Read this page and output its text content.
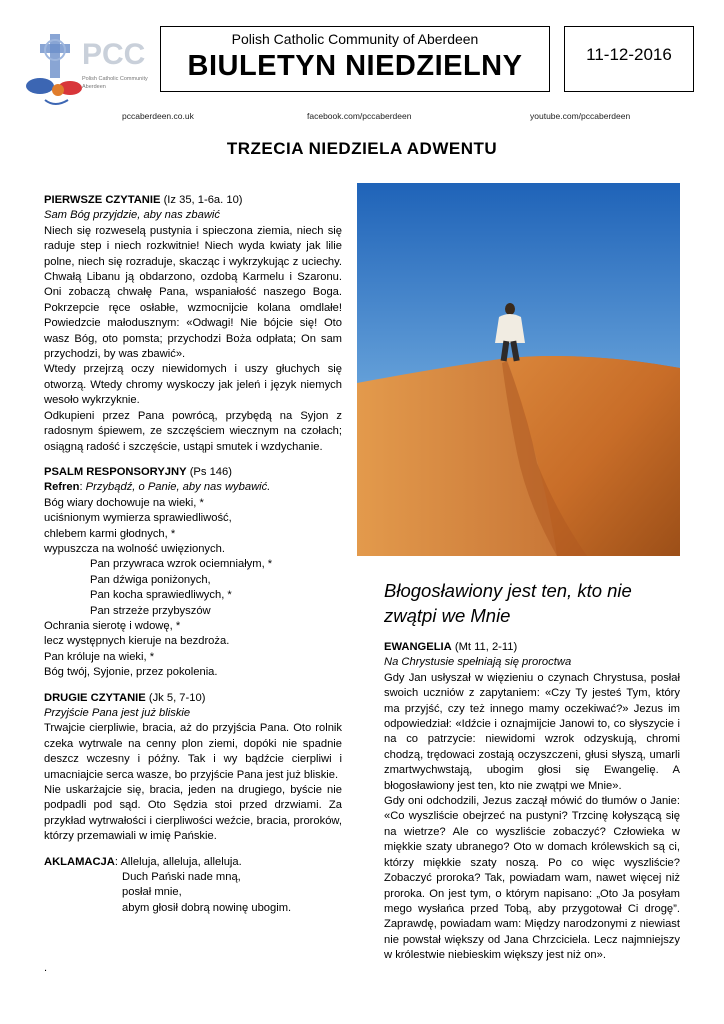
PCC
Polish Catholic Community
Aberdeen
Polish Catholic Community of Aberdeen
BIULETYN NIEDZIELNY	11-12-2016
pccaberdeen.co.uk	facebook.com/pccaberdeen	youtube.com/pccaberdeen
TRZECIA NIEDZIELA ADWENTU

PIERWSZE CZYTANIE (Iz 35, 1-6a. 10)

Sam Bóg przyjdzie, aby nas zbawić

Niech się rozweselą pustynia i spieczona ziemia, niech się raduje step i niech rozkwitnie! Niech wyda kwiaty jak lilie polne, niech się rozraduje, skacząc i wykrzykując z uciechy. Chwałą Libanu ją obdarzono, ozdobą Karmelu i Szaronu. Oni zobaczą chwałę Pana, wspaniałość naszego Boga. Pokrzepcie ręce osłabłe, wzmocnijcie kolana omdlałe! Powiedzcie małodusznym: «Odwagi! Nie bójcie się! Oto wasz Bóg, oto pomsta; przychodzi Boża odpłata; On sam przychodzi, by was zbawić».

Wtedy przejrzą oczy niewidomych i uszy głuchych się otworzą. Wtedy chromy wyskoczy jak jeleń i język niemych wesoło wykrzyknie.

Odkupieni przez Pana powrócą, przybędą na Syjon z radosnym śpiewem, ze szczęściem wiecznym na czołach; osiągną radość i szczęście, ustąpi smutek i wzdychanie.

PSALM RESPONSORYJNY (Ps 146)

Refren: Przybądź, o Panie, aby nas wybawić.

Bóg wiary dochowuje na wieki, *

uciśnionym wymierza sprawiedliwość,

chlebem karmi głodnych, *

wypuszcza na wolność uwięzionych.

Pan przywraca wzrok ociemniałym, *

Pan dźwiga poniżonych,

Pan kocha sprawiedliwych, *

Pan strzeże przybyszów

Ochrania sierotę i wdowę, *

lecz występnych kieruje na bezdroża.

Pan króluje na wieki, *

Bóg twój, Syjonie, przez pokolenia.

DRUGIE CZYTANIE (Jk 5, 7-10)

Przyjście Pana jest już bliskie

Trwajcie cierpliwie, bracia, aż do przyjścia Pana. Oto rolnik czeka wytrwale na cenny plon ziemi, dopóki nie spadnie deszcz wczesny i późny. Tak i wy bądźcie cierpliwi i umacniajcie serca wasze, bo przyjście Pana jest już bliskie.

Nie uskarżajcie się, bracia, jeden na drugiego, byście nie podpadli pod sąd. Oto Sędzia stoi przed drzwiami. Za przykład wytrwałości i cierpliwości weźcie, bracia, proroków, którzy przemawiali w imię Pańskie.

AKLAMACJA: Alleluja, alleluja, alleluja.

Duch Pański nade mną,

posłał mnie,

abym głosił dobrą nowinę ubogim.

.
Błogosławiony jest ten, kto nie zwątpi we Mnie

EWANGELIA (Mt 11, 2-11)

Na Chrystusie spełniają się proroctwa

Gdy Jan usłyszał w więzieniu o czynach Chrystusa, posłał swoich uczniów z zapytaniem: «Czy Ty jesteś Tym, który ma przyjść, czy też innego mamy oczekiwać?» Jezus im odpowiedział: «Idźcie i oznajmijcie Janowi to, co słyszycie i na co patrzycie: niewidomi wzrok odzyskują, chromi chodzą, trędowaci zostają oczyszczeni, głusi słyszą, umarli zmartwychwstają, ubogim głosi się Ewangelię. A błogosławiony jest ten, kto nie zwątpi we Mnie».

Gdy oni odchodzili, Jezus zaczął mówić do tłumów o Janie: «Co wyszliście obejrzeć na pustyni? Trzcinę kołyszącą się na wietrze? Ale co wyszliście zobaczyć? Człowieka w miękkie szaty ubranego? Oto w domach królewskich są ci, którzy miękkie szaty noszą. Po co więc wyszliście? Zobaczyć proroka? Tak, powiadam wam, nawet więcej niż proroka. On jest tym, o którym napisano: „Oto Ja posyłam mego wysłańca przed Tobą, aby przygotował Ci drogę”. Zaprawdę, powiadam wam: Między narodzonymi z niewiast nie powstał większy od Jana Chrzciciela. Lecz najmniejszy w królestwie niebieskim większy jest niż on».
